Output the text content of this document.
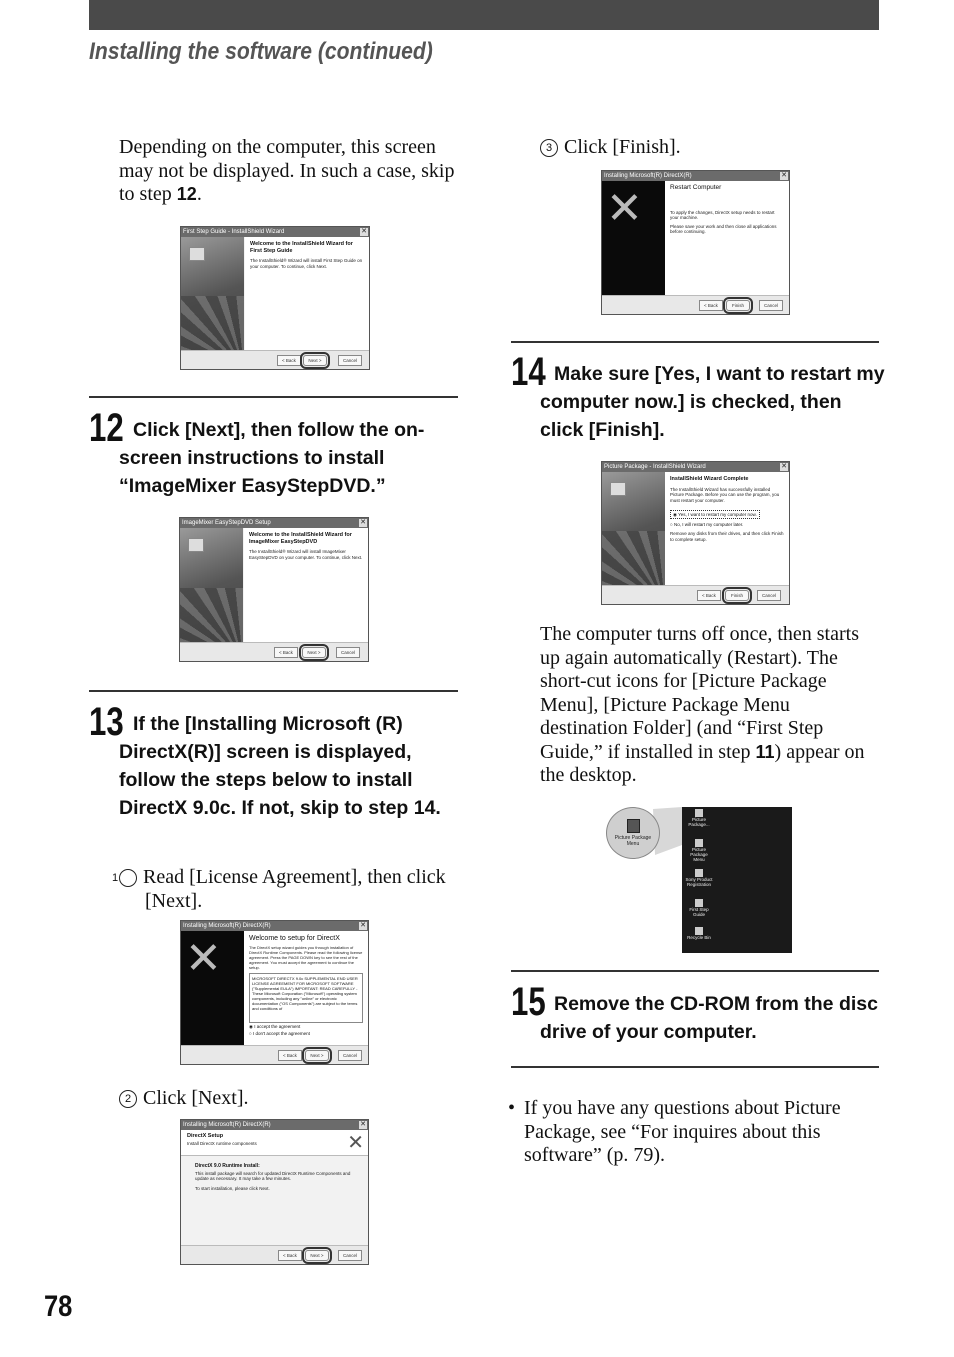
Installing the software (continued)
Depending on the computer, this screen may not be displayed. In such a case, skip to step 12.
First Step Guide - InstallShield Wizard	✕
Welcome to the InstallShield Wizard for First Step Guide
The InstallShield® Wizard will install First Step Guide on your computer. To continue, click Next.
< Back	Next >	Cancel
12 Click [Next], then follow the on-screen instructions to install “ImageMixer EasyStepDVD.”
ImageMixer EasyStepDVD Setup	✕
Welcome to the InstallShield Wizard for ImageMixer EasyStepDVD
The InstallShield® Wizard will install ImageMixer EasyStepDVD on your computer. To continue, click Next.
< Back	Next >	Cancel
13 If the [Installing Microsoft (R) DirectX(R)] screen is displayed, follow the steps below to install DirectX 9.0c. If not, skip to step 14.
1 Read [License Agreement], then click [Next].
Installing Microsoft(R) DirectX(R)	✕
✕	Welcome to setup for DirectX
The DirectX setup wizard guides you through installation of DirectX Runtime Components. Please read the following license agreement. Press the PAGE DOWN key to see the rest of the agreement. You must accept the agreement to continue the setup.
MICROSOFT DIRECTX 9.0c SUPPLEMENTAL END USER LICENSE AGREEMENT FOR MICROSOFT SOFTWARE ("Supplemental EULA") IMPORTANT: READ CAREFULLY - These Microsoft Corporation ("Microsoft") operating system components, including any "online" or electronic documentation ("OS Components") are subject to the terms and conditions of
◉ I accept the agreement
○ I don't accept the agreement
< Back	Next >	Cancel
2 Click [Next].
Installing Microsoft(R) DirectX(R)	✕
DirectX Setup
Install DirectX runtime components	✕
DirectX 9.0 Runtime Install:
This install package will search for updated DirectX Runtime Components and update as necessary. It may take a few minutes.
To start installation, please click Next.
< Back	Next >	Cancel
78
3 Click [Finish].
Installing Microsoft(R) DirectX(R)	✕
✕	Restart Computer
To apply the changes, DirectX setup needs to restart your machine.
Please save your work and then close all applications before continuing.
< Back	Finish	Cancel
14 Make sure [Yes, I want to restart my computer now.] is checked, then click [Finish].
Picture Package - InstallShield Wizard	✕
InstallShield Wizard Complete
The InstallShield Wizard has successfully installed Picture Package. Before you can use the program, you must restart your computer.
◉ Yes, I want to restart my computer now.
○ No, I will restart my computer later.
Remove any disks from their drives, and then click Finish to complete setup.
< Back	Finish	Cancel
The computer turns off once, then starts up again automatically (Restart). The short-cut icons for [Picture Package Menu], [Picture Package Menu destination Folder] (and “First Step Guide,” if installed in step 11) appear on the desktop.
Picture Package Menu
Picture Package...
Picture Package Menu
Sony Product Registration
First Step Guide
Recycle Bin
15 Remove the CD-ROM from the disc drive of your computer.
• If you have any questions about Picture Package, see “For inquires about this software” (p. 79).
